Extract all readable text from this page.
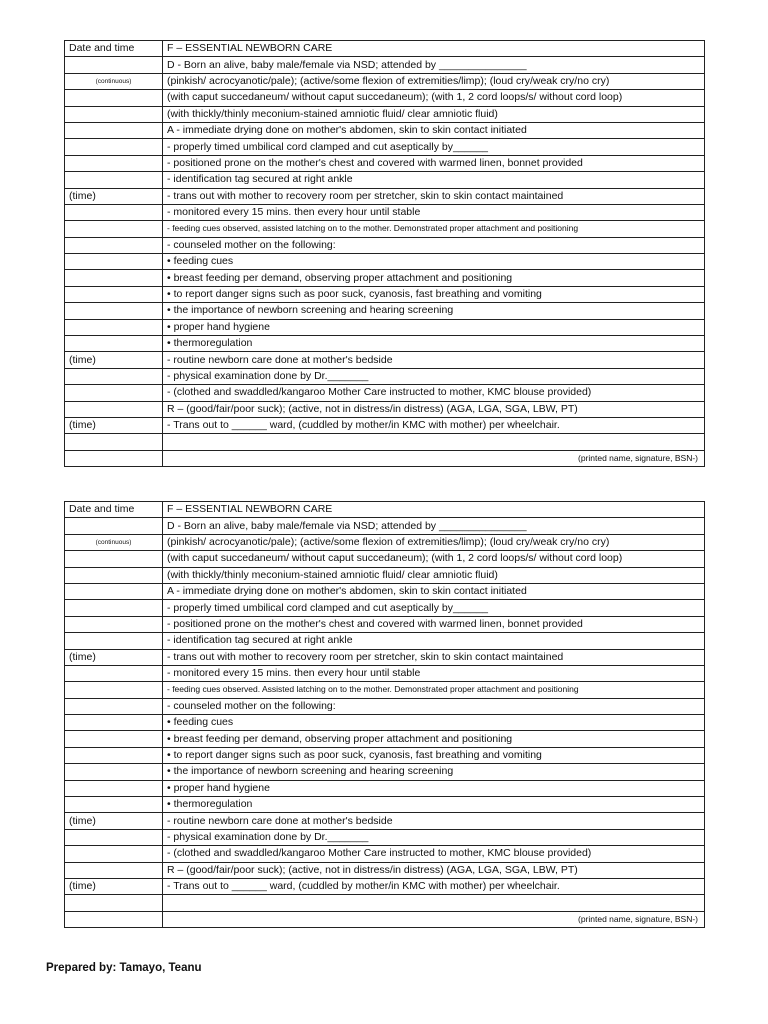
Date and time	F – ESSENTIAL NEWBORN CARE
	D - Born an alive, baby male/female via NSD; attended by _______________
(continuous)	(pinkish/ acrocyanotic/pale); (active/some flexion of extremities/limp); (loud cry/weak cry/no cry)
	(with caput succedaneum/ without caput succedaneum); (with 1, 2 cord loops/s/ without cord loop)
	(with thickly/thinly meconium-stained amniotic fluid/ clear amniotic fluid)
	A - immediate drying done on mother's abdomen, skin to skin contact initiated
	- properly timed umbilical cord clamped and cut aseptically by______
	- positioned prone on the mother's chest and covered with warmed linen, bonnet provided
	- identification tag secured at right ankle
(time)	- trans out with mother to recovery room per stretcher, skin to skin contact maintained
	- monitored every 15 mins. then every hour until stable
	- feeding cues observed, assisted latching on to the mother. Demonstrated proper attachment and positioning
	- counseled mother on the following:
	• feeding cues
	• breast feeding per demand, observing proper attachment and positioning
	• to report danger signs such as poor suck, cyanosis, fast breathing and vomiting
	• the importance of newborn screening and hearing screening
	• proper hand hygiene
	• thermoregulation
(time)	- routine newborn care done at mother's bedside
	- physical examination done by Dr._______
	- (clothed and swaddled/kangaroo Mother Care instructed to mother, KMC blouse provided)
	R – (good/fair/poor suck); (active, not in distress/in distress) (AGA, LGA, SGA, LBW, PT)
(time)	- Trans out to ______ ward, (cuddled by mother/in KMC with mother) per wheelchair.

	(printed name, signature, BSN-)
Date and time	F – ESSENTIAL NEWBORN CARE
	D - Born an alive, baby male/female via NSD; attended by _______________
(continuous)	(pinkish/ acrocyanotic/pale); (active/some flexion of extremities/limp); (loud cry/weak cry/no cry)
	(with caput succedaneum/ without caput succedaneum); (with 1, 2 cord loops/s/ without cord loop)
	(with thickly/thinly meconium-stained amniotic fluid/ clear amniotic fluid)
	A - immediate drying done on mother's abdomen, skin to skin contact initiated
	- properly timed umbilical cord clamped and cut aseptically by______
	- positioned prone on the mother's chest and covered with warmed linen, bonnet provided
	- identification tag secured at right ankle
(time)	- trans out with mother to recovery room per stretcher, skin to skin contact maintained
	- monitored every 15 mins. then every hour until stable
	- feeding cues observed. Assisted latching on to the mother. Demonstrated proper attachment and positioning
	- counseled mother on the following:
	• feeding cues
	• breast feeding per demand, observing proper attachment and positioning
	• to report danger signs such as poor suck, cyanosis, fast breathing and vomiting
	• the importance of newborn screening and hearing screening
	• proper hand hygiene
	• thermoregulation
(time)	- routine newborn care done at mother's bedside
	- physical examination done by Dr._______
	- (clothed and swaddled/kangaroo Mother Care instructed to mother, KMC blouse provided)
	R – (good/fair/poor suck); (active, not in distress/in distress) (AGA, LGA, SGA, LBW, PT)
(time)	- Trans out to ______ ward, (cuddled by mother/in KMC with mother) per wheelchair.

	(printed name, signature, BSN-)
Prepared by: Tamayo, Teanu
